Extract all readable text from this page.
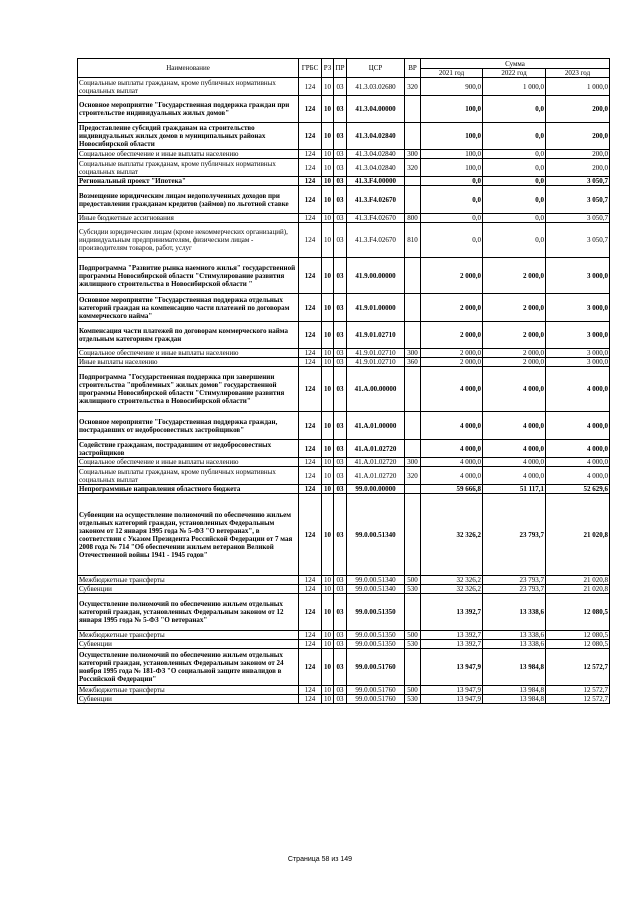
Наименование	ГРБС	РЗ	ПР	ЦСР	ВР	Сумма		
						2021 год	2022 год	2023 год
Социальные выплаты гражданам, кроме публичных нормативных социальных выплат	124	10	03	41.3.03.02680	320	900,0	1 000,0	1 000,0
Основное мероприятие "Государственная поддержка граждан при строительстве индивидуальных жилых домов"	124	10	03	41.3.04.00000		100,0	0,0	200,0
Предоставление субсидий гражданам на строительство индивидуальных жилых домов в муниципальных районах Новосибирской области	124	10	03	41.3.04.02840		100,0	0,0	200,0
Социальное обеспечение и иные выплаты населению	124	10	03	41.3.04.02840	300	100,0	0,0	200,0
Социальные выплаты гражданам, кроме публичных нормативных социальных выплат	124	10	03	41.3.04.02840	320	100,0	0,0	200,0
Региональный проект "Ипотека"	124	10	03	41.3.F4.00000		0,0	0,0	3 050,7
Возмещение юридическим лицам недополученных доходов при предоставлении гражданам кредитов (займов) по льготной ставке	124	10	03	41.3.F4.02670		0,0	0,0	3 050,7
Иные бюджетные ассигнования	124	10	03	41.3.F4.02670	800	0,0	0,0	3 050,7
Субсидии юридическим лицам (кроме некоммерческих организаций), индивидуальным предпринимателям, физическим лицам - производителям товаров, работ, услуг	124	10	03	41.3.F4.02670	810	0,0	0,0	3 050,7
Подпрограмма "Развитие рынка наемного жилья" государственной программы Новосибирской области "Стимулирование развития жилищного строительства в Новосибирской области "	124	10	03	41.9.00.00000		2 000,0	2 000,0	3 000,0
Основное мероприятие "Государственная поддержка отдельных категорий граждан на компенсацию части платежей по договорам коммерческого найма"	124	10	03	41.9.01.00000		2 000,0	2 000,0	3 000,0
Компенсация части платежей по договорам коммерческого найма отдельным категориям граждан	124	10	03	41.9.01.02710		2 000,0	2 000,0	3 000,0
Социальное обеспечение и иные выплаты населению	124	10	03	41.9.01.02710	300	2 000,0	2 000,0	3 000,0
Иные выплаты населению	124	10	03	41.9.01.02710	360	2 000,0	2 000,0	3 000,0
Подпрограмма "Государственная поддержка при завершении строительства "проблемных" жилых домов" государственной программы Новосибирской области "Стимулирование развития жилищного строительства в Новосибирской области"	124	10	03	41.A.00.00000		4 000,0	4 000,0	4 000,0
Основное мероприятие "Государственная поддержка граждан, пострадавших от недобросовестных застройщиков"	124	10	03	41.A.01.00000		4 000,0	4 000,0	4 000,0
Содействие гражданам, пострадавшим от недобросовестных застройщиков	124	10	03	41.A.01.02720		4 000,0	4 000,0	4 000,0
Социальное обеспечение и иные выплаты населению	124	10	03	41.A.01.02720	300	4 000,0	4 000,0	4 000,0
Социальные выплаты гражданам, кроме публичных нормативных социальных выплат	124	10	03	41.A.01.02720	320	4 000,0	4 000,0	4 000,0
Непрограммные направления областного бюджета	124	10	03	99.0.00.00000		59 666,8	51 117,1	52 629,6
Субвенции на осуществление полномочий по обеспечению жильем отдельных категорий граждан, установленных Федеральным законом от 12 января 1995 года № 5-ФЗ "О ветеранах", в соответствии с Указом Президента Российской Федерации от 7 мая 2008 года № 714 "Об обеспечении жильем ветеранов Великой Отечественной войны 1941 - 1945 годов"	124	10	03	99.0.00.51340		32 326,2	23 793,7	21 020,8
Межбюджетные трансферты	124	10	03	99.0.00.51340	500	32 326,2	23 793,7	21 020,8
Субвенции	124	10	03	99.0.00.51340	530	32 326,2	23 793,7	21 020,8
Осуществление полномочий по обеспечению жильем отдельных категорий граждан, установленных Федеральным законом от 12 января 1995 года № 5-ФЗ "О ветеранах"	124	10	03	99.0.00.51350		13 392,7	13 338,6	12 080,5
Межбюджетные трансферты	124	10	03	99.0.00.51350	500	13 392,7	13 338,6	12 080,5
Субвенции	124	10	03	99.0.00.51350	530	13 392,7	13 338,6	12 080,5
Осуществление полномочий по обеспечению жильем отдельных категорий граждан, установленных Федеральным законом от 24 ноября 1995 года № 181-ФЗ "О социальной защите инвалидов в Российской Федерации"	124	10	03	99.0.00.51760		13 947,9	13 984,8	12 572,7
Межбюджетные трансферты	124	10	03	99.0.00.51760	500	13 947,9	13 984,8	12 572,7
Субвенции	124	10	03	99.0.00.51760	530	13 947,9	13 984,8	12 572,7
Страница 58 из 149
